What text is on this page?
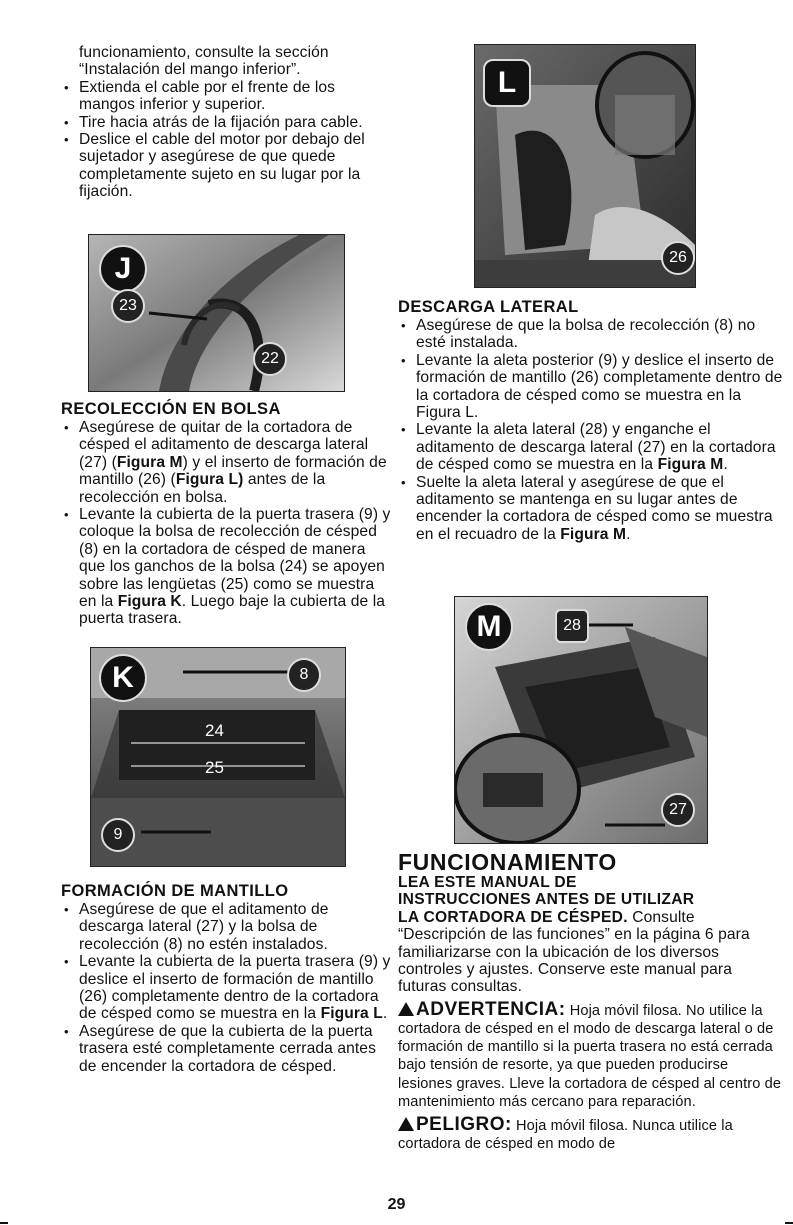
funcionamiento, consulte la sección
“Instalación del mango inferior”.
• Extienda el cable por el frente de los mangos inferior y superior.
• Tire hacia atrás de la fijación para cable.
• Deslice el cable del motor por debajo del sujetador y asegúrese de que quede completamente sujeto en su lugar por la fijación.
J
23
22
RECOLECCIÓN EN BOLSA
• Asegúrese de quitar de la cortadora de césped el aditamento de descarga lateral (27) (Figura M) y el inserto de formación de mantillo (26) (Figura L) antes de la recolección en bolsa.
• Levante la cubierta de la puerta trasera (9) y coloque la bolsa de recolección de césped (8) en la cortadora de césped de manera que los ganchos de la bolsa (24) se apoyen sobre las lengüetas (25) como se muestra en la Figura K. Luego baje la cubierta de la puerta trasera.
K	8
24
25
9
FORMACIÓN DE MANTILLO
• Asegúrese de que el aditamento de descarga lateral (27) y la bolsa de recolección (8) no estén instalados.
• Levante la cubierta de la puerta trasera (9) y deslice el inserto de formación de mantillo (26) completamente dentro de la cortadora de césped como se muestra en la Figura L.
• Asegúrese de que la cubierta de la puerta trasera esté completamente cerrada antes de encender la cortadora de césped.
L
26
DESCARGA LATERAL
• Asegúrese de que la bolsa de recolección (8) no esté instalada.
• Levante la aleta posterior (9) y deslice el inserto de formación de mantillo (26) completamente dentro de la cortadora de césped como se muestra en la Figura L.
• Levante la aleta lateral (28) y enganche el aditamento de descarga lateral (27) en la cortadora de césped como se muestra en la Figura M.
• Suelte la aleta lateral y asegúrese de que el aditamento se mantenga en su lugar antes de encender la cortadora de césped como se muestra en el recuadro de la Figura M.
M	28
27
FUNCIONAMIENTO
LEA ESTE MANUAL DE
INSTRUCCIONES ANTES DE UTILIZAR
LA CORTADORA DE CÉSPED. Consulte “Descripción de las funciones” en la página 6 para familiarizarse con la ubicación de los diversos controles y ajustes. Conserve este manual para futuras consultas.
ADVERTENCIA: Hoja móvil filosa. No utilice la cortadora de césped en el modo de descarga lateral o de formación de mantillo si la puerta trasera no está cerrada bajo tensión de resorte, ya que pueden producirse lesiones graves. Lleve la cortadora de césped al centro de mantenimiento más cercano para reparación.
PELIGRO: Hoja móvil filosa. Nunca utilice la cortadora de césped en modo de
29
